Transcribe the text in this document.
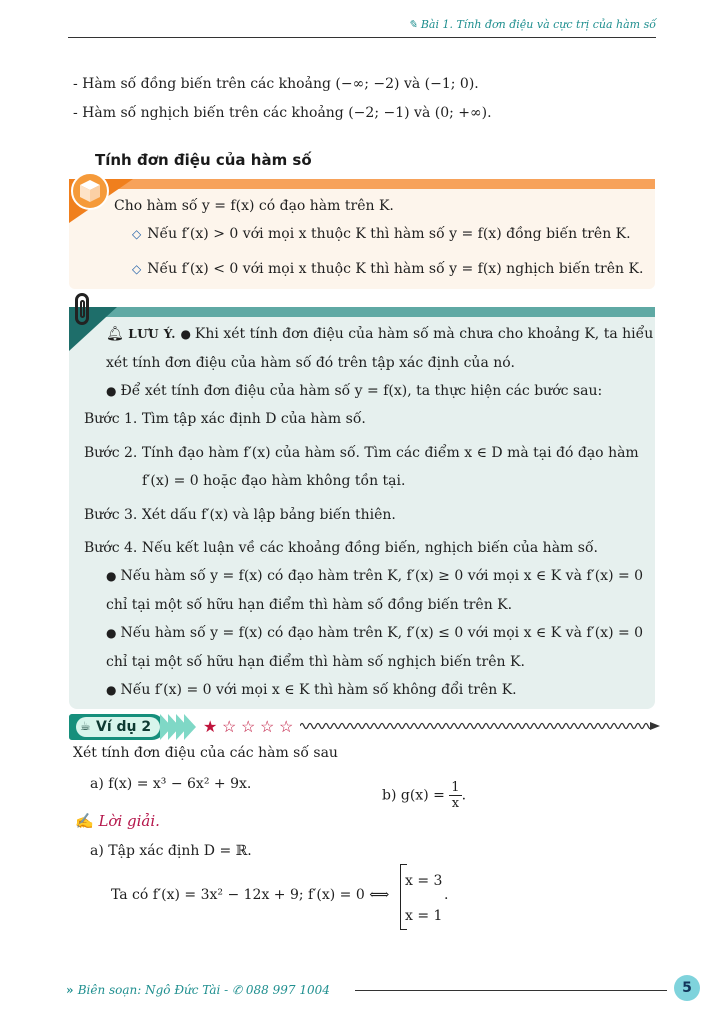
✎ Bài 1. Tính đơn điệu và cực trị của hàm số
- Hàm số đồng biến trên các khoảng (−∞; −2) và (−1; 0).
- Hàm số nghịch biến trên các khoảng (−2; −1) và (0; +∞).
Tính đơn điệu của hàm số
Cho hàm số y = f(x) có đạo hàm trên K.
◇ Nếu f′(x) > 0 với mọi x thuộc K thì hàm số y = f(x) đồng biến trên K.
◇ Nếu f′(x) < 0 với mọi x thuộc K thì hàm số y = f(x) nghịch biến trên K.
🔔︎ LƯU Ý. ● Khi xét tính đơn điệu của hàm số mà chưa cho khoảng K, ta hiểu
xét tính đơn điệu của hàm số đó trên tập xác định của nó.
● Để xét tính đơn điệu của hàm số y = f(x), ta thực hiện các bước sau:
Bước 1. Tìm tập xác định D của hàm số.
Bước 2. Tính đạo hàm f′(x) của hàm số. Tìm các điểm x ∈ D mà tại đó đạo hàm
f′(x) = 0 hoặc đạo hàm không tồn tại.
Bước 3. Xét dấu f′(x) và lập bảng biến thiên.
Bước 4. Nếu kết luận về các khoảng đồng biến, nghịch biến của hàm số.
● Nếu hàm số y = f(x) có đạo hàm trên K, f′(x) ≥ 0 với mọi x ∈ K và f′(x) = 0
chỉ tại một số hữu hạn điểm thì hàm số đồng biến trên K.
● Nếu hàm số y = f(x) có đạo hàm trên K, f′(x) ≤ 0 với mọi x ∈ K và f′(x) = 0
chỉ tại một số hữu hạn điểm thì hàm số nghịch biến trên K.
● Nếu f′(x) = 0 với mọi x ∈ K thì hàm số không đổi trên K.
☕︎ Ví dụ 2	★ ☆ ☆ ☆ ☆
Xét tính đơn điệu của các hàm số sau
a) f(x) = x³ − 6x² + 9x.
b) $g(x) = \frac{1}{x}$ .
✍ Lời giải.
a) Tập xác định D = ℝ.
Ta có f′(x) = 3x² − 12x + 9; f′(x) = 0 ⟺
x = 3
x = 1
.
» Biên soạn: Ngô Đức Tài - ✆ 088 997 1004	5
